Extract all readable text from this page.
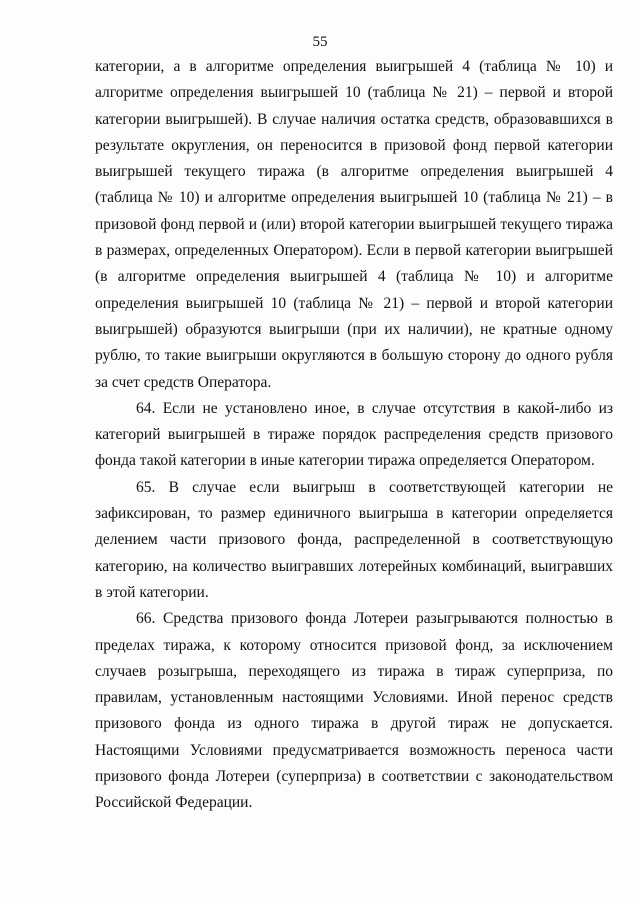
55

категории, а в алгоритме определения выигрышей 4 (таблица № 10) и алгоритме определения выигрышей 10 (таблица № 21) – первой и второй категории выигрышей). В случае наличия остатка средств, образовавшихся в результате округления, он переносится в призовой фонд первой категории выигрышей текущего тиража (в алгоритме определения выигрышей 4 (таблица № 10) и алгоритме определения выигрышей 10 (таблица № 21) – в призовой фонд первой и (или) второй категории выигрышей текущего тиража в размерах, определенных Оператором). Если в первой категории выигрышей (в алгоритме определения выигрышей 4 (таблица № 10) и алгоритме определения выигрышей 10 (таблица № 21) – первой и второй категории выигрышей) образуются выигрыши (при их наличии), не кратные одному рублю, то такие выигрыши округляются в большую сторону до одного рубля за счет средств Оператора.

64. Если не установлено иное, в случае отсутствия в какой-либо из категорий выигрышей в тираже порядок распределения средств призового фонда такой категории в иные категории тиража определяется Оператором.

65. В случае если выигрыш в соответствующей категории не зафиксирован, то размер единичного выигрыша в категории определяется делением части призового фонда, распределенной в соответствующую категорию, на количество выигравших лотерейных комбинаций, выигравших в этой категории.

66. Средства призового фонда Лотереи разыгрываются полностью в пределах тиража, к которому относится призовой фонд, за исключением случаев розыгрыша, переходящего из тиража в тираж суперприза, по правилам, установленным настоящими Условиями. Иной перенос средств призового фонда из одного тиража в другой тираж не допускается. Настоящими Условиями предусматривается возможность переноса части призового фонда Лотереи (суперприза) в соответствии с законодательством Российской Федерации.
